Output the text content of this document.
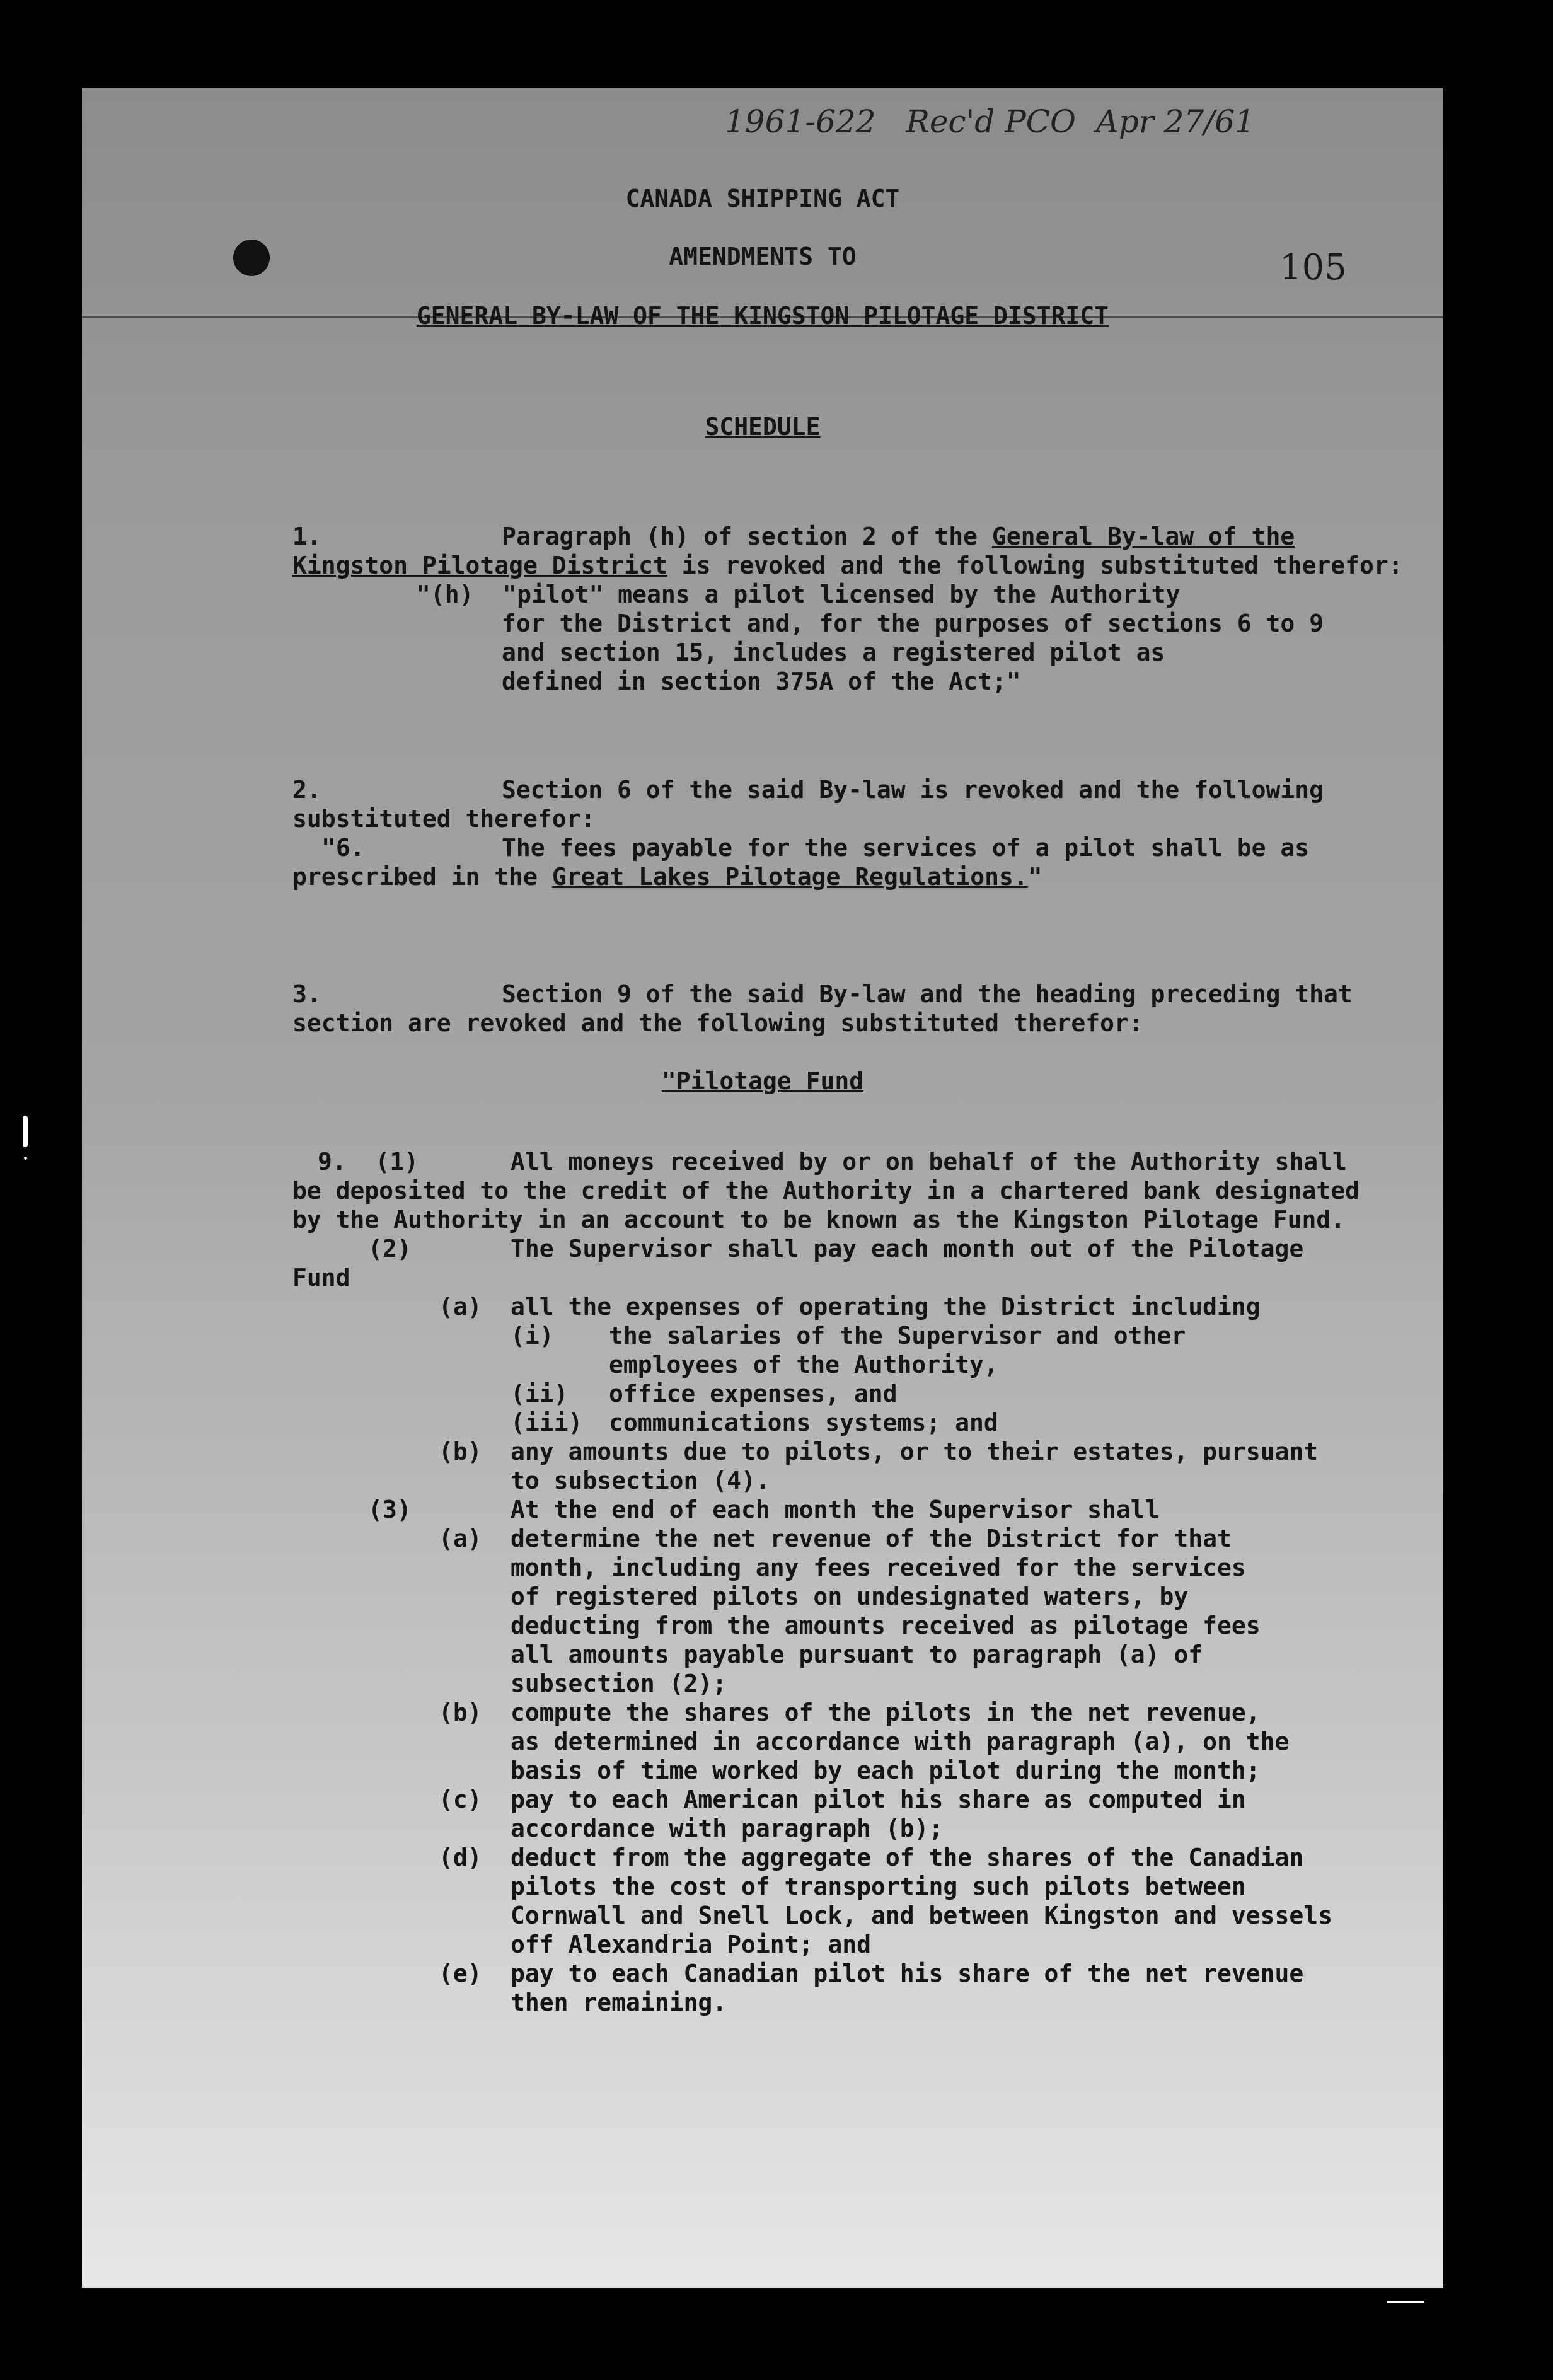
1961-622   Rec'd PCO  Apr 27/61
CANADA SHIPPING ACT
AMENDMENTS TO	105
GENERAL BY-LAW OF THE KINGSTON PILOTAGE DISTRICT
SCHEDULE
1.	Paragraph (h) of section 2 of the General By-law of the
Kingston Pilotage District is revoked and the following substituted therefor:
"(h)  "pilot" means a pilot licensed by the Authority
for the District and, for the purposes of sections 6 to 9
and section 15, includes a registered pilot as
defined in section 375A of the Act;"
2.	Section 6 of the said By-law is revoked and the following
substituted therefor:
"6.	The fees payable for the services of a pilot shall be as
prescribed in the Great Lakes Pilotage Regulations."
3.	Section 9 of the said By-law and the heading preceding that
section are revoked and the following substituted therefor:
"Pilotage Fund
9.  (1)	All moneys received by or on behalf of the Authority shall
be deposited to the credit of the Authority in a chartered bank designated
by the Authority in an account to be known as the Kingston Pilotage Fund.
(2)	The Supervisor shall pay each month out of the Pilotage
Fund
(a) all the expenses of operating the District including
(i) the salaries of the Supervisor and other
employees of the Authority,
(ii) office expenses, and
(iii) communications systems; and
(b) any amounts due to pilots, or to their estates, pursuant
to subsection (4).
(3)	At the end of each month the Supervisor shall
(a) determine the net revenue of the District for that
month, including any fees received for the services
of registered pilots on undesignated waters, by
deducting from the amounts received as pilotage fees
all amounts payable pursuant to paragraph (a) of
subsection (2);
(b) compute the shares of the pilots in the net revenue,
as determined in accordance with paragraph (a), on the
basis of time worked by each pilot during the month;
(c) pay to each American pilot his share as computed in
accordance with paragraph (b);
(d) deduct from the aggregate of the shares of the Canadian
pilots the cost of transporting such pilots between
Cornwall and Snell Lock, and between Kingston and vessels
off Alexandria Point; and
(e) pay to each Canadian pilot his share of the net revenue
then remaining.
